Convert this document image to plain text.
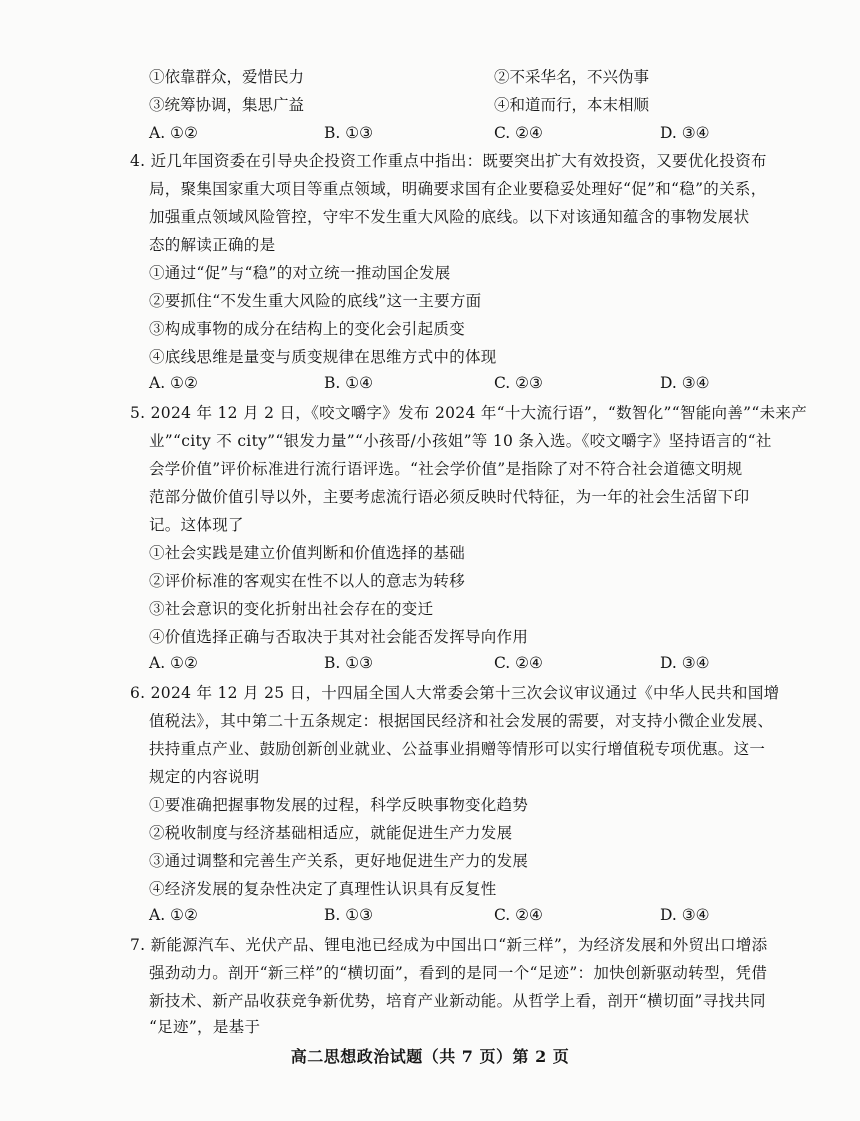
①依靠群众，爱惜民力	②不采华名，不兴伪事
③统筹协调，集思广益	④和道而行，本末相顺
A. ①②	B. ①③	C. ②④	D. ③④
4. 近几年国资委在引导央企投资工作重点中指出：既要突出扩大有效投资，又要优化投资布
局，聚集国家重大项目等重点领域，明确要求国有企业要稳妥处理好“促”和“稳”的关系，
加强重点领域风险管控，守牢不发生重大风险的底线。以下对该通知蕴含的事物发展状
态的解读正确的是
①通过“促”与“稳”的对立统一推动国企发展
②要抓住“不发生重大风险的底线”这一主要方面
③构成事物的成分在结构上的变化会引起质变
④底线思维是量变与质变规律在思维方式中的体现
A. ①②	B. ①④	C. ②③	D. ③④
5. 2024 年 12 月 2 日，《咬文嚼字》发布 2024 年“十大流行语”，“数智化”“智能向善”“未来产
业”“city 不 city”“银发力量”“小孩哥/小孩姐”等 10 条入选。《咬文嚼字》坚持语言的“社
会学价值”评价标准进行流行语评选。“社会学价值”是指除了对不符合社会道德文明规
范部分做价值引导以外，主要考虑流行语必须反映时代特征，为一年的社会生活留下印
记。这体现了
①社会实践是建立价值判断和价值选择的基础
②评价标准的客观实在性不以人的意志为转移
③社会意识的变化折射出社会存在的变迁
④价值选择正确与否取决于其对社会能否发挥导向作用
A. ①②	B. ①③	C. ②④	D. ③④
6. 2024 年 12 月 25 日，十四届全国人大常委会第十三次会议审议通过《中华人民共和国增
值税法》，其中第二十五条规定：根据国民经济和社会发展的需要，对支持小微企业发展、
扶持重点产业、鼓励创新创业就业、公益事业捐赠等情形可以实行增值税专项优惠。这一
规定的内容说明
①要准确把握事物发展的过程，科学反映事物变化趋势
②税收制度与经济基础相适应，就能促进生产力发展
③通过调整和完善生产关系，更好地促进生产力的发展
④经济发展的复杂性决定了真理性认识具有反复性
A. ①②	B. ①③	C. ②④	D. ③④
7. 新能源汽车、光伏产品、锂电池已经成为中国出口“新三样”，为经济发展和外贸出口增添
强劲动力。剖开“新三样”的“横切面”，看到的是同一个“足迹”：加快创新驱动转型，凭借
新技术、新产品收获竞争新优势，培育产业新动能。从哲学上看，剖开“横切面”寻找共同
“足迹”，是基于
高二思想政治试题（共 7 页）第 2 页
